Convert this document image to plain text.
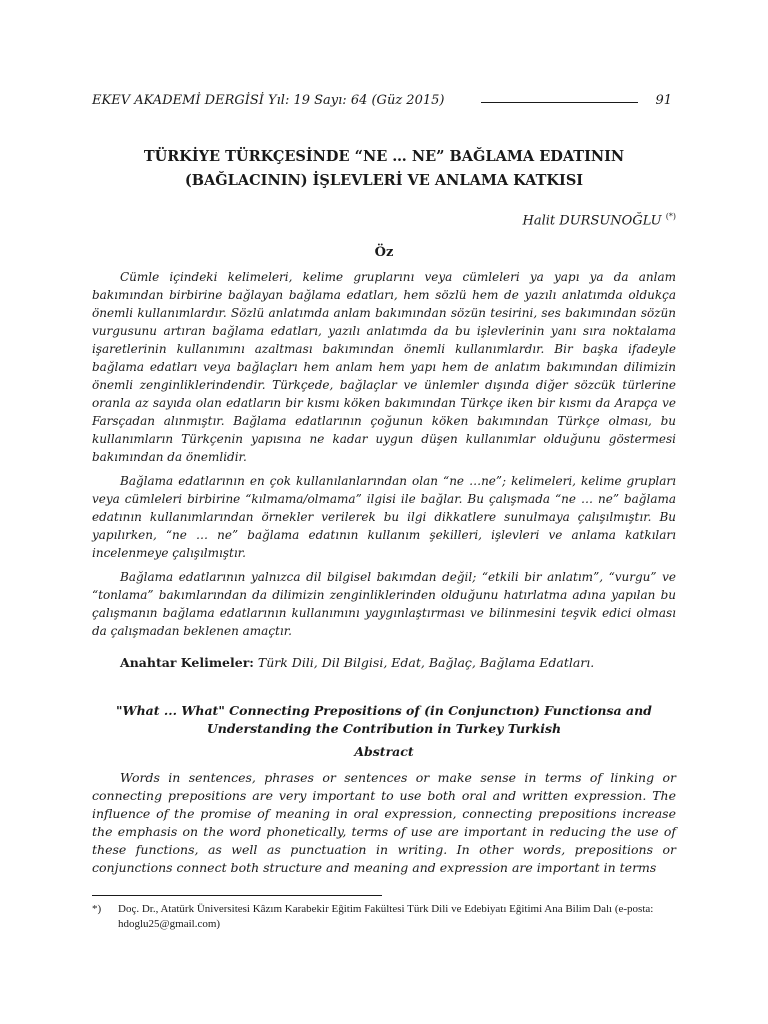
EKEV AKADEMİ DERGİSİ Yıl: 19 Sayı: 64 (Güz 2015)	91
TÜRKİYE TÜRKÇESİNDE “NE … NE” BAĞLAMA EDATININ
(BAĞLACININ) İŞLEVLERİ VE ANLAMA KATKISI
Halit DURSUNOĞLU (*)
Öz

Cümle içindeki kelimeleri, kelime gruplarını veya cümleleri ya yapı ya da anlam bakımından birbirine bağlayan bağlama edatları, hem sözlü hem de yazılı anlatımda oldukça önemli kullanımlardır. Sözlü anlatımda anlam bakımından sözün tesirini, ses bakımından sözün vurgusunu artıran bağlama edatları, yazılı anlatımda da bu işlevlerinin yanı sıra noktalama işaretlerinin kullanımını azaltması bakımından önemli kullanımlardır. Bir başka ifadeyle bağlama edatları veya bağlaçları hem anlam hem yapı hem de anlatım bakımından dilimizin önemli zenginliklerindendir. Türkçede, bağlaçlar ve ünlemler dışında diğer sözcük türlerine oranla az sayıda olan edatların bir kısmı köken bakımından Türkçe iken bir kısmı da Arapça ve Farsçadan alınmıştır. Bağlama edatlarının çoğunun köken bakımından Türkçe olması, bu kullanımların Türkçenin yapısına ne kadar uygun düşen kullanımlar olduğunu göstermesi bakımından da önemlidir.

Bağlama edatlarının en çok kullanılanlarından olan “ne …ne”; kelimeleri, kelime grupları veya cümleleri birbirine “kılmama/olmama” ilgisi ile bağlar. Bu çalışmada “ne … ne” bağlama edatının kullanımlarından örnekler verilerek bu ilgi dikkatlere sunulmaya çalışılmıştır. Bu yapılırken, “ne … ne” bağlama edatının kullanım şekilleri, işlevleri ve anlama katkıları incelenmeye çalışılmıştır.

Bağlama edatlarının yalnızca dil bilgisel bakımdan değil; “etkili bir anlatım”, “vurgu” ve “tonlama” bakımlarından da dilimizin zenginliklerinden olduğunu hatırlatma adına yapılan bu çalışmanın bağlama edatlarının kullanımını yaygınlaştırması ve bilinmesini teşvik edici olması da çalışmadan beklenen amaçtır.

Anahtar Kelimeler: Türk Dili, Dil Bilgisi, Edat, Bağlaç, Bağlama Edatları.
"What ... What" Connecting Prepositions of (in Conjunctıon) Functionsa and
Understanding the Contribution in Turkey Turkish
Abstract

Words in sentences, phrases or sentences or make sense in terms of linking or connecting prepositions are very important to use both oral and written expression. The influence of the promise of meaning in oral expression, connecting prepositions increase the emphasis on the word phonetically, terms of use are important in reducing the use of these functions, as well as punctuation in writing. In other words, prepositions or conjunctions connect both structure and meaning and expression are important in terms

*) Doç. Dr., Atatürk Üniversitesi Kâzım Karabekir Eğitim Fakültesi Türk Dili ve Edebiyatı Eğitimi Ana Bilim Dalı (e-posta: hdoglu25@gmail.com)
